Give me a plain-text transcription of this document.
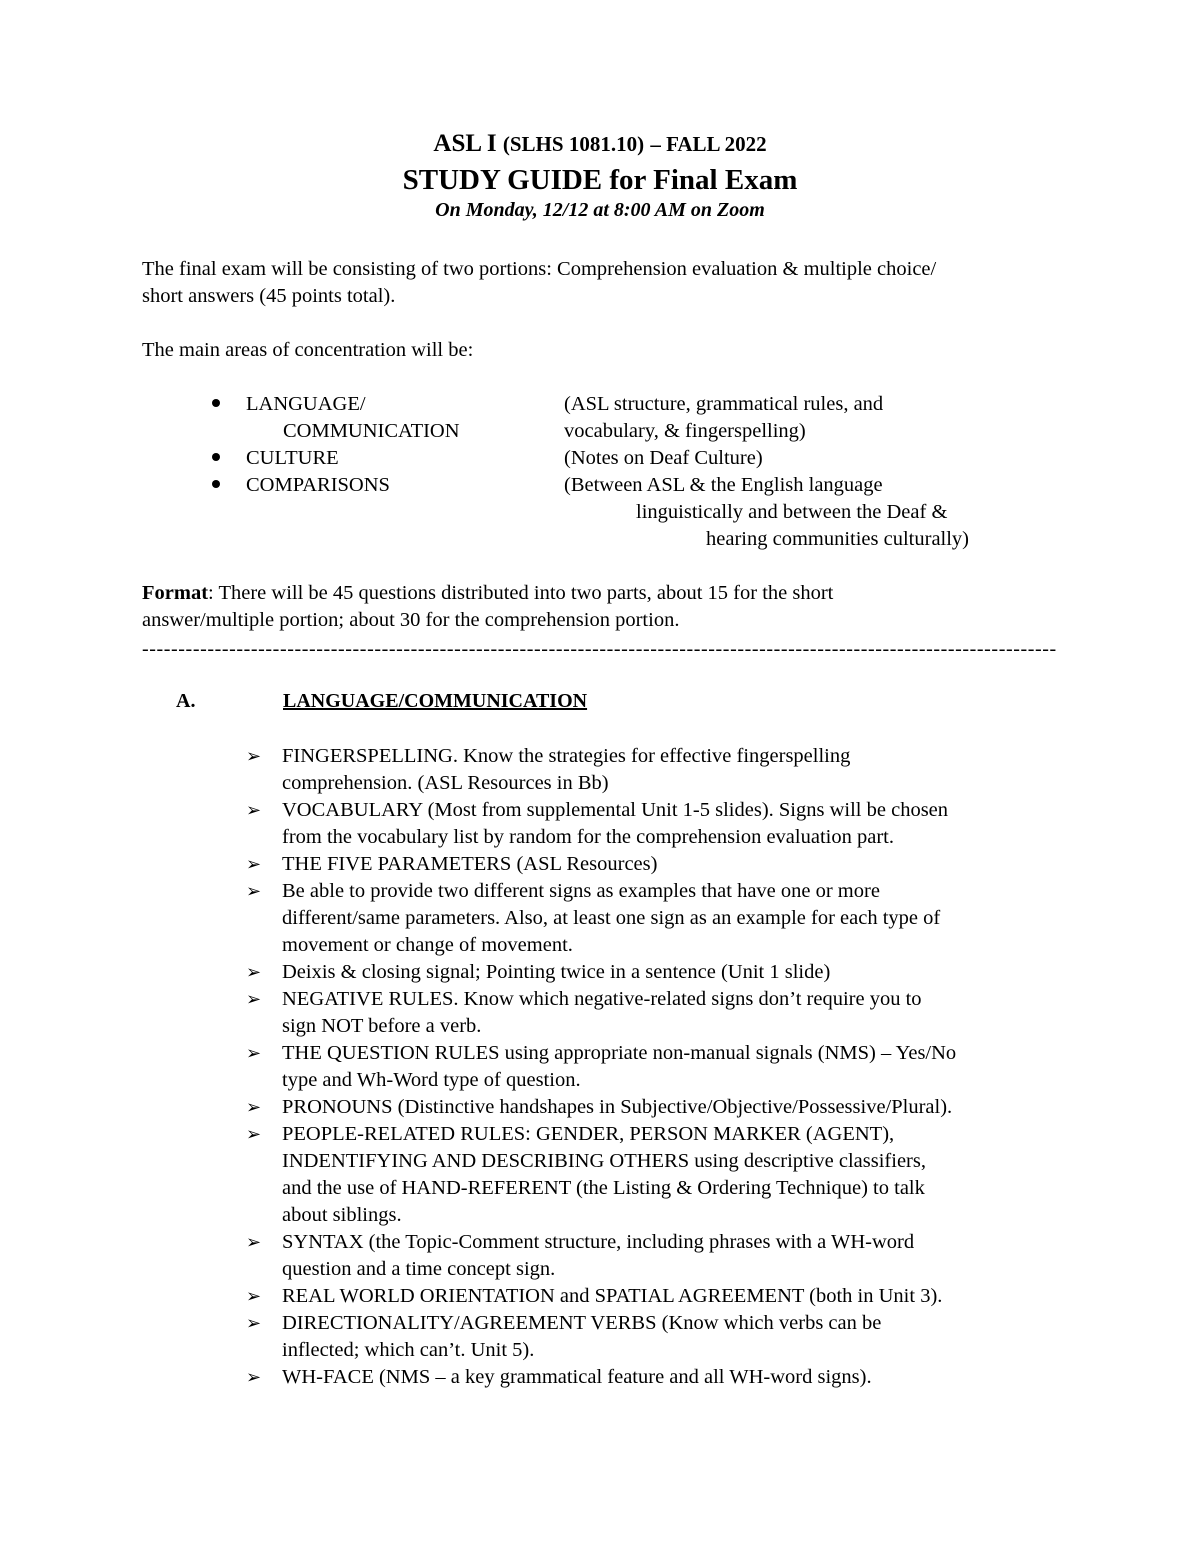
ASL I (SLHS 1081.10) – FALL 2022
STUDY GUIDE for Final Exam
On Monday, 12/12 at 8:00 AM on Zoom
The final exam will be consisting of two portions: Comprehension evaluation & multiple choice/
short answers (45 points total).
The main areas of concentration will be:
LANGUAGE/	(ASL structure, grammatical rules, and
COMMUNICATION	vocabulary, & fingerspelling)
CULTURE	(Notes on Deaf Culture)
COMPARISONS	(Between ASL & the English language
linguistically and between the Deaf &
hearing communities culturally)
Format: There will be 45 questions distributed into two parts, about 15 for the short
answer/multiple portion; about 30 for the comprehension portion.
------------------------------------------------------------------------------------------------------------------------------
A.	LANGUAGE/COMMUNICATION
➢ FINGERSPELLING. Know the strategies for effective fingerspelling
comprehension. (ASL Resources in Bb)
➢ VOCABULARY (Most from supplemental Unit 1-5 slides). Signs will be chosen
from the vocabulary list by random for the comprehension evaluation part.
➢ THE FIVE PARAMETERS (ASL Resources)
➢ Be able to provide two different signs as examples that have one or more
different/same parameters. Also, at least one sign as an example for each type of
movement or change of movement.
➢ Deixis & closing signal; Pointing twice in a sentence (Unit 1 slide)
➢ NEGATIVE RULES. Know which negative-related signs don’t require you to
sign NOT before a verb.
➢ THE QUESTION RULES using appropriate non-manual signals (NMS) – Yes/No
type and Wh-Word type of question.
➢ PRONOUNS (Distinctive handshapes in Subjective/Objective/Possessive/Plural).
➢ PEOPLE-RELATED RULES: GENDER, PERSON MARKER (AGENT),
INDENTIFYING AND DESCRIBING OTHERS using descriptive classifiers,
and the use of HAND-REFERENT (the Listing & Ordering Technique) to talk
about siblings.
➢ SYNTAX (the Topic-Comment structure, including phrases with a WH-word
question and a time concept sign.
➢ REAL WORLD ORIENTATION and SPATIAL AGREEMENT (both in Unit 3).
➢ DIRECTIONALITY/AGREEMENT VERBS (Know which verbs can be
inflected; which can’t. Unit 5).
➢ WH-FACE (NMS – a key grammatical feature and all WH-word signs).
